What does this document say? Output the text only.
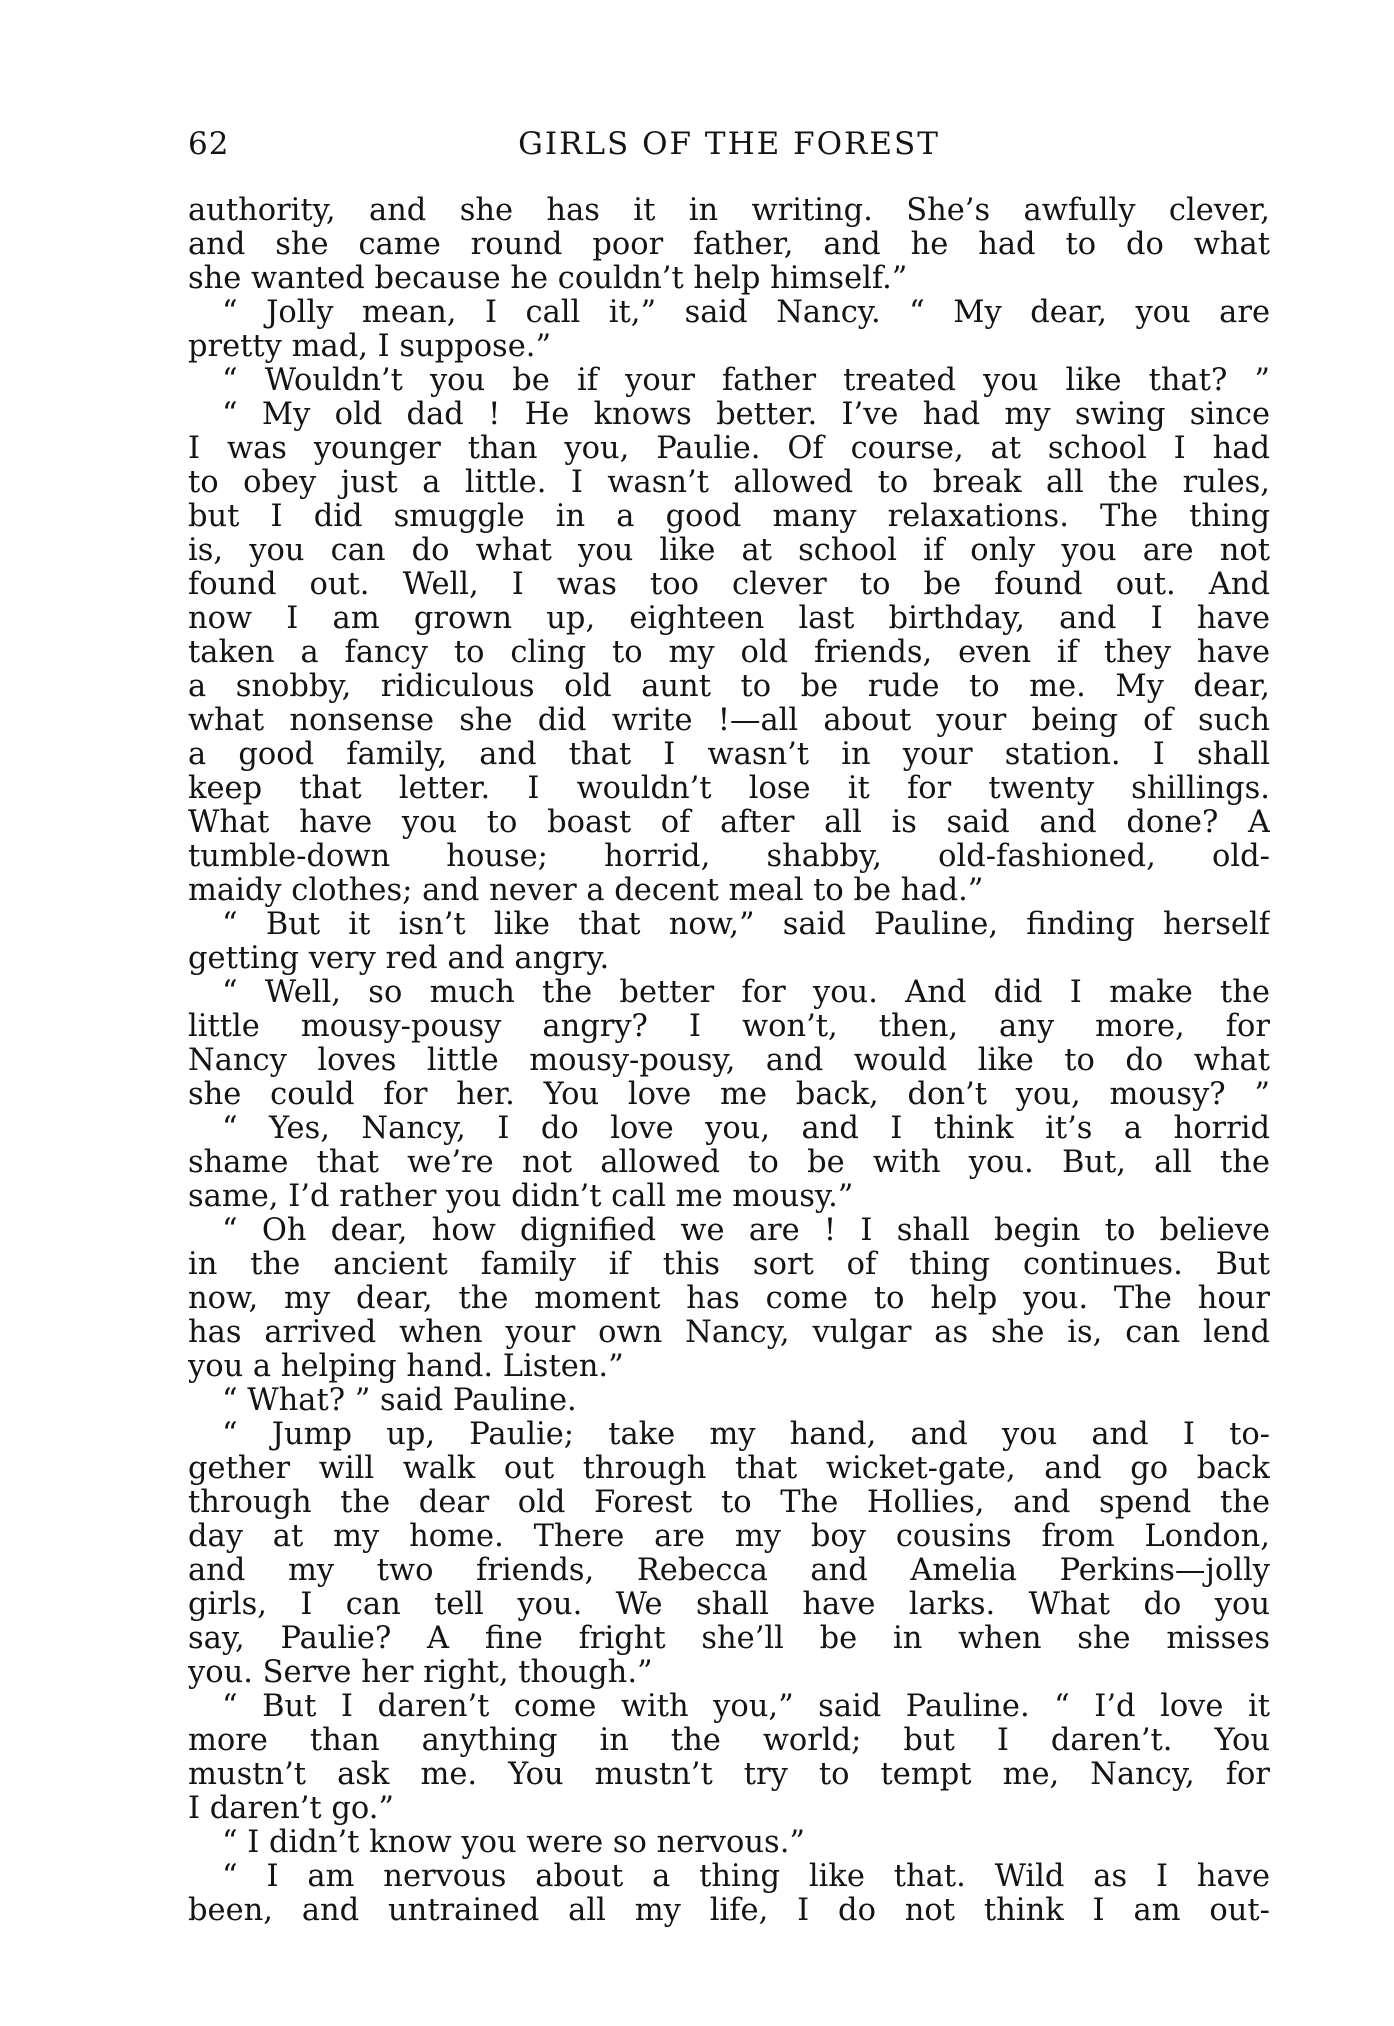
62	GIRLS OF THE FOREST
authority, and she has it in writing. She’s awfully clever,
and she came round poor father, and he had to do what
she wanted because he couldn’t help himself.”
“ Jolly mean, I call it,” said Nancy. “ My dear, you are
pretty mad, I suppose.”
“ Wouldn’t you be if your father treated you like that? ”
“ My old dad ! He knows better. I’ve had my swing since
I was younger than you, Paulie. Of course, at school I had
to obey just a little. I wasn’t allowed to break all the rules,
but I did smuggle in a good many relaxations. The thing
is, you can do what you like at school if only you are not
found out. Well, I was too clever to be found out. And
now I am grown up, eighteen last birthday, and I have
taken a fancy to cling to my old friends, even if they have
a snobby, ridiculous old aunt to be rude to me. My dear,
what nonsense she did write !—all about your being of such
a good family, and that I wasn’t in your station. I shall
keep that letter. I wouldn’t lose it for twenty shillings.
What have you to boast of after all is said and done? A
tumble-down house; horrid, shabby, old-fashioned, old-
maidy clothes; and never a decent meal to be had.”
“ But it isn’t like that now,” said Pauline, finding herself
getting very red and angry.
“ Well, so much the better for you. And did I make the
little mousy-pousy angry? I won’t, then, any more, for
Nancy loves little mousy-pousy, and would like to do what
she could for her. You love me back, don’t you, mousy? ”
“ Yes, Nancy, I do love you, and I think it’s a horrid
shame that we’re not allowed to be with you. But, all the
same, I’d rather you didn’t call me mousy.”
“ Oh dear, how dignified we are ! I shall begin to believe
in the ancient family if this sort of thing continues. But
now, my dear, the moment has come to help you. The hour
has arrived when your own Nancy, vulgar as she is, can lend
you a helping hand. Listen.”
“ What? ” said Pauline.
“ Jump up, Paulie; take my hand, and you and I to-
gether will walk out through that wicket-gate, and go back
through the dear old Forest to The Hollies, and spend the
day at my home. There are my boy cousins from London,
and my two friends, Rebecca and Amelia Perkins—jolly
girls, I can tell you. We shall have larks. What do you
say, Paulie? A fine fright she’ll be in when she misses
you. Serve her right, though.”
“ But I daren’t come with you,” said Pauline. “ I’d love it
more than anything in the world; but I daren’t. You
mustn’t ask me. You mustn’t try to tempt me, Nancy, for
I daren’t go.”
“ I didn’t know you were so nervous.”
“ I am nervous about a thing like that. Wild as I have
been, and untrained all my life, I do not think I am out-
